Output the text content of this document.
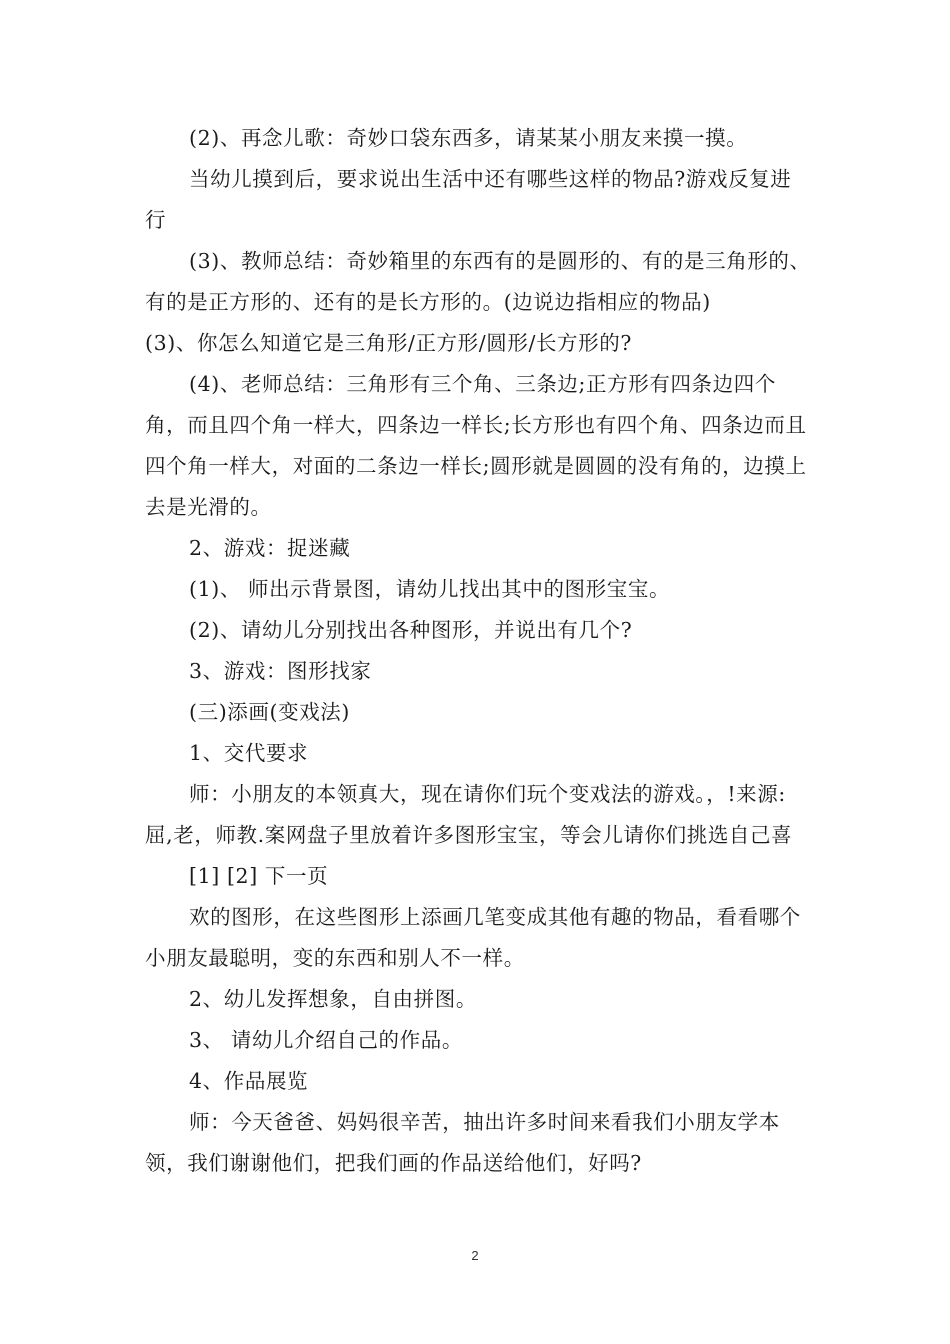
(2)、再念儿歌：奇妙口袋东西多，请某某小朋友来摸一摸。

当幼儿摸到后，要求说出生活中还有哪些这样的物品?游戏反复进行

(3)、教师总结：奇妙箱里的东西有的是圆形的、有的是三角形的、有的是正方形的、还有的是长方形的。(边说边指相应的物品)

(3)、你怎么知道它是三角形/正方形/圆形/长方形的?

(4)、老师总结：三角形有三个角、三条边;正方形有四条边四个角，而且四个角一样大，四条边一样长;长方形也有四个角、四条边而且四个角一样大，对面的二条边一样长;圆形就是圆圆的没有角的，边摸上去是光滑的。

2、游戏：捉迷藏

(1)、 师出示背景图，请幼儿找出其中的图形宝宝。

(2)、请幼儿分别找出各种图形，并说出有几个?

3、游戏：图形找家

(三)添画(变戏法)

1、交代要求

师：小朋友的本领真大，现在请你们玩个变戏法的游戏。，!来源:屈,老，师教.案网盘子里放着许多图形宝宝，等会儿请你们挑选自己喜

[1] [2] 下一页

欢的图形，在这些图形上添画几笔变成其他有趣的物品，看看哪个小朋友最聪明，变的东西和别人不一样。

2、幼儿发挥想象，自由拼图。

3、 请幼儿介绍自己的作品。

4、作品展览

师：今天爸爸、妈妈很辛苦，抽出许多时间来看我们小朋友学本领，我们谢谢他们，把我们画的作品送给他们，好吗?

2
